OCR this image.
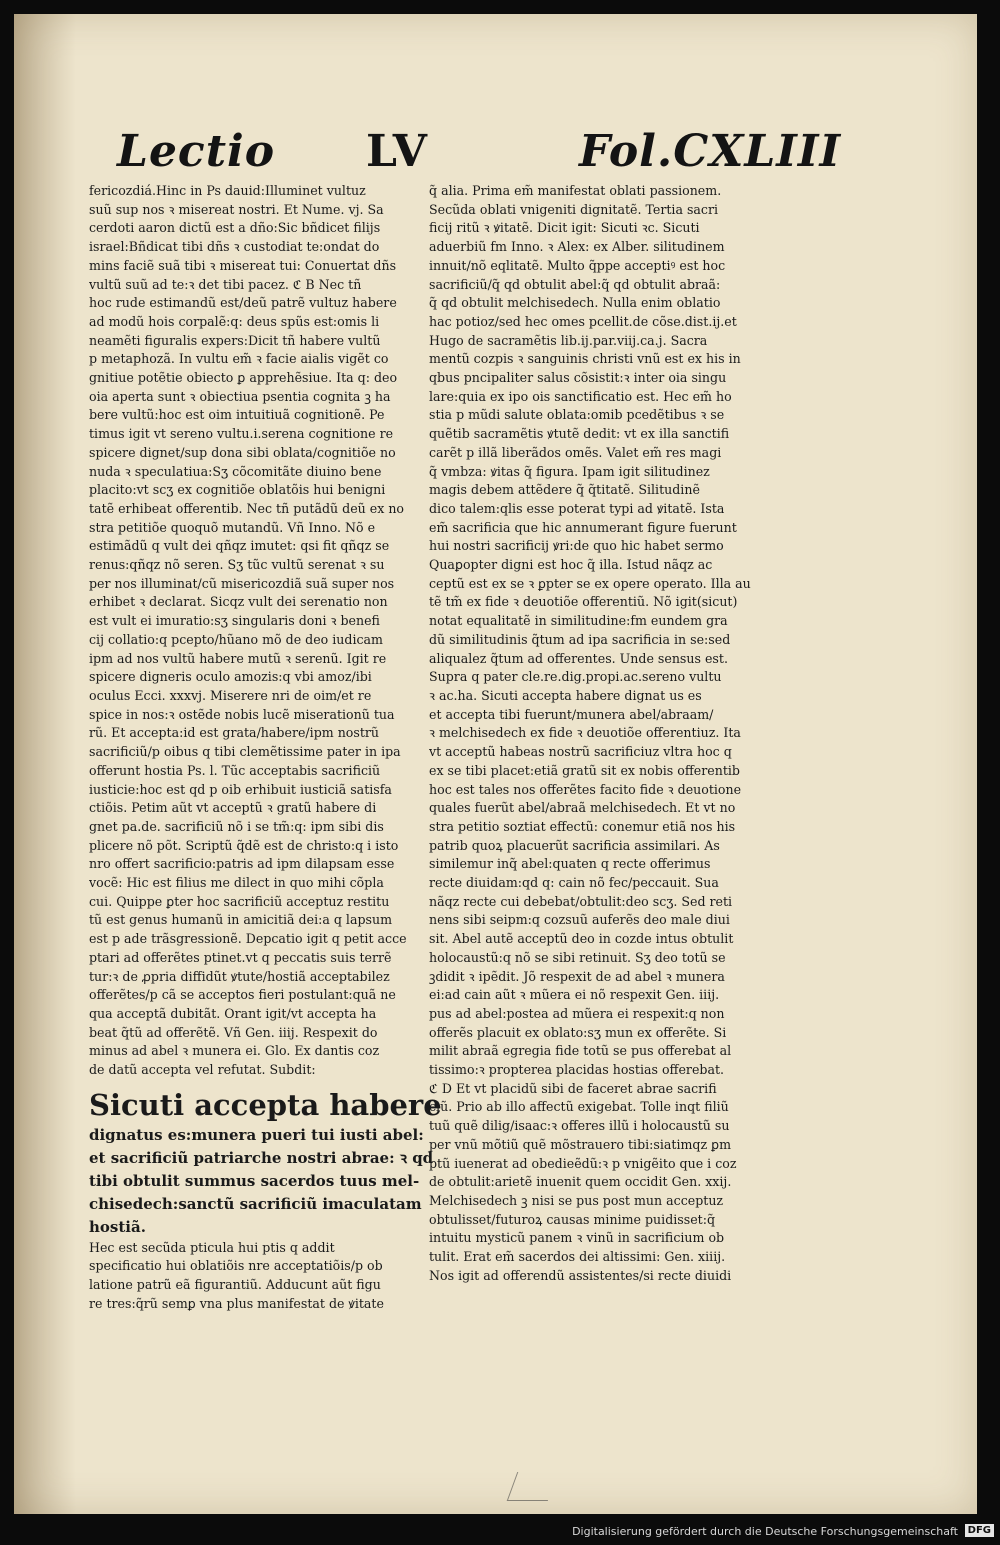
Lectio LV	Fol.CXLIII

fericozdiá.Hinc in Ps dauid:Illuminet vultuz

suũ sup nos ꝛ misereat nostri. Et Nume. vj. Sa

cerdoti aaron dictũ est a dño:Sic bñdicet filijs

israel:Bñdicat tibi dñs ꝛ custodiat te:ondat do

mins faciẽ suã tibi ꝛ misereat tui: Conuertat dñs

vultũ suũ ad te:ꝛ det tibi pacez. ℭ B Nec tñ

hoc rude estimandũ est/deũ patrẽ vultuz habere

ad modũ hois corpalẽ:q: deus spũs est:omis li

neamẽti figuralis expers:Dicit tñ habere vultũ

p metaphozã. In vultu em̃ ꝛ facie aialis vigẽt co

gnitiue potẽtie obiecto ꝑ apprehẽsiue. Ita q: deo

oia aperta sunt ꝛ obiectiua psentia cognita ꝫ ha

bere vultũ:hoc est oim intuitiuã cognitionẽ. Pe

timus igit vt sereno vultu.i.serena cognitione re

spicere dignet/sup dona sibi oblata/cognitiõe no

nuda ꝛ speculatiua:Sʒ cõcomitãte diuino bene

placito:vt scʒ ex cognitiõe oblatõis hui benigni

tatẽ erhibeat offerentib. Nec tñ putãdũ deũ ex no

stra petitiõe quoquõ mutandũ. Vñ Inno. Nõ e

estimãdũ q vult dei qñqz imutet: qsi fit qñqz se

renus:qñqz nõ seren. Sʒ tũc vultũ serenat ꝛ su

per nos illuminat/cũ misericozdiã suã super nos

erhibet ꝛ declarat. Sicqz vult dei serenatio non

est vult ei imuratio:sʒ singularis doni ꝛ benefi

cij collatio:q pcepto/hũano mõ de deo iudicam

ipm ad nos vultũ habere mutũ ꝛ serenũ. Igit re

spicere digneris oculo amozis:q vbi amoz/ibi

oculus Ecci. xxxvj. Miserere nri de oim/et re

spice in nos:ꝛ ostẽde nobis lucẽ miserationũ tua

rũ. Et accepta:id est grata/habere/ipm nostrũ

sacrificiũ/p oibus q tibi clemẽtissime pater in ipa

offerunt hostia Ps. l. Tũc acceptabis sacrificiũ

iusticie:hoc est qd p oib erhibuit iusticiã satisfa

ctiõis. Petim aũt vt acceptũ ꝛ gratũ habere di

gnet pa.de. sacrificiũ nõ i se tm̃:q: ipm sibi dis

plicere nõ põt. Scriptũ q̃dẽ est de christo:q i isto

nro offert sacrificio:patris ad ipm dilapsam esse

vocẽ: Hic est filius me dilect in quo mihi cõpla

cui. Quippe ꝑter hoc sacrificiũ acceptuz restitu

tũ est genus humanũ in amicitiã dei:a q lapsum

est p ade trãsgressionẽ. Depcatio igit q petit acce

ptari ad offerẽtes ptinet.vt q peccatis suis terrẽ

tur:ꝛ de ꝓpria diffidũt ꝟtute/hostiã acceptabilez

offerẽtes/p cã se acceptos fieri postulant:quã ne

qua acceptã dubitãt. Orant igit/vt accepta ha

beat q̃tũ ad offerẽtẽ. Vñ Gen. iiij. Respexit do

minus ad abel ꝛ munera ei. Glo. Ex dantis coz

de datũ accepta vel refutat. Subdit:

Sicuti accepta habere
dignatus es:munera pueri tui iusti abel:
et sacrificiũ patriarche nostri abrae: ꝛ qd
tibi obtulit summus sacerdos tuus mel-
chisedech:sanctũ sacrificiũ imaculatam
hostiã.

Hec est secũda pticula hui ptis q addit

specificatio hui oblatiõis nre acceptatiõis/p ob

latione patrũ eã figurantiũ. Adducunt aũt figu

re tres:q̃rũ semꝑ vna plus manifestat de ꝟitate

q̃ alia. Prima em̃ manifestat oblati passionem.

Secũda oblati vnigeniti dignitatẽ. Tertia sacri

ficij ritũ ꝛ ꝟitatẽ. Dicit igit: Sicuti ꝛc. Sicuti

aduerbiũ fm Inno. ꝛ Alex: ex Alber. silitudinem

innuit/nõ eqlitatẽ. Multo q̃ppe acceptiꝰ est hoc

sacrificiũ/q̃ qd obtulit abel:q̃ qd obtulit abraã:

q̃ qd obtulit melchisedech. Nulla enim oblatio

hac potioz/sed hec omes pcellit.de cõse.dist.ij.et

Hugo de sacramẽtis lib.ij.par.viij.ca.j. Sacra

mentũ cozpis ꝛ sanguinis christi vnũ est ex his in

qbus pncipaliter salus cõsistit:ꝛ inter oia singu

lare:quia ex ipo ois sanctificatio est. Hec em̃ ho

stia p mũdi salute oblata:omib pcedẽtibus ꝛ se

quẽtib sacramẽtis ꝟtutẽ dedit: vt ex illa sanctifi

carẽt p illã liberãdos omẽs. Valet em̃ res magi

q̃ vmbza: ꝟitas q̃ figura. Ipam igit silitudinez

magis debem attẽdere q̃ q̃titatẽ. Silitudinẽ

dico talem:qlis esse poterat typi ad ꝟitatẽ. Ista

em̃ sacrificia que hic annumerant figure fuerunt

hui nostri sacrificij ꝟri:de quo hic habet sermo

Quaꝑopter digni est hoc q̃ illa. Istud nãqz ac

ceptũ est ex se ꝛ ꝑpter se ex opere operato. Illa au

tẽ tm̃ ex fide ꝛ deuotiõe offerentiũ. Nõ igit(sicut)

notat equalitatẽ in similitudine:fm eundem gra

dũ similitudinis q̃tum ad ipa sacrificia in se:sed

aliqualez q̃tum ad offerentes. Unde sensus est.

Supra q pater cle.re.dig.propi.ac.sereno vultu

ꝛ ac.ha. Sicuti accepta habere dignat us es

et accepta tibi fuerunt/munera abel/abraam/

ꝛ melchisedech ex fide ꝛ deuotiõe offerentiuz. Ita

vt acceptũ habeas nostrũ sacrificiuz vltra hoc q

ex se tibi placet:etiã gratũ sit ex nobis offerentib

hoc est tales nos offerẽtes facito fide ꝛ deuotione

quales fuerũt abel/abraã melchisedech. Et vt no

stra petitio soztiat effectũ: conemur etiã nos his

patrib quoꝝ placuerũt sacrificia assimilari. As

similemur inq̃ abel:quaten q recte offerimus

recte diuidam:qd q: cain nõ fec/peccauit. Sua

nãqz recte cui debebat/obtulit:deo scʒ. Sed reti

nens sibi seipm:q cozsuũ auferẽs deo male diui

sit. Abel autẽ acceptũ deo in cozde intus obtulit

holocaustũ:q nõ se sibi retinuit. Sʒ deo totũ se

ꝫdidit ꝛ ipẽdit. Jõ respexit de ad abel ꝛ munera

ei:ad cain aũt ꝛ mũera ei nõ respexit Gen. iiij.

pus ad abel:postea ad mũera ei respexit:q non

offerẽs placuit ex oblato:sʒ mun ex offerẽte. Si

milit abraã egregia fide totũ se pus offerebat al

tissimo:ꝛ propterea placidas hostias offerebat.

ℭ D Et vt placidũ sibi de faceret abrae sacrifi

ciũ. Prio ab illo affectũ exigebat. Tolle inqt filiũ

tuũ quẽ dilig/isaac:ꝛ offeres illũ i holocaustũ su

per vnũ mõtiũ quẽ mõstrauero tibi:siatimqz ꝑm

ptũ iuenerat ad obedieẽdũ:ꝛ p vnigẽito que i coz

de obtulit:arietẽ inuenit quem occidit Gen. xxij.

Melchisedech ꝫ nisi se pus post mun acceptuz

obtulisset/futuroꝝ causas minime puidisset:q̃

intuitu mysticũ panem ꝛ vinũ in sacrificium ob

tulit. Erat em̃ sacerdos dei altissimi: Gen. xiiij.

Nos igit ad offerendũ assistentes/si recte diuidi

Digitalisierung gefördert durch die Deutsche Forschungsgemeinschaft DFG
